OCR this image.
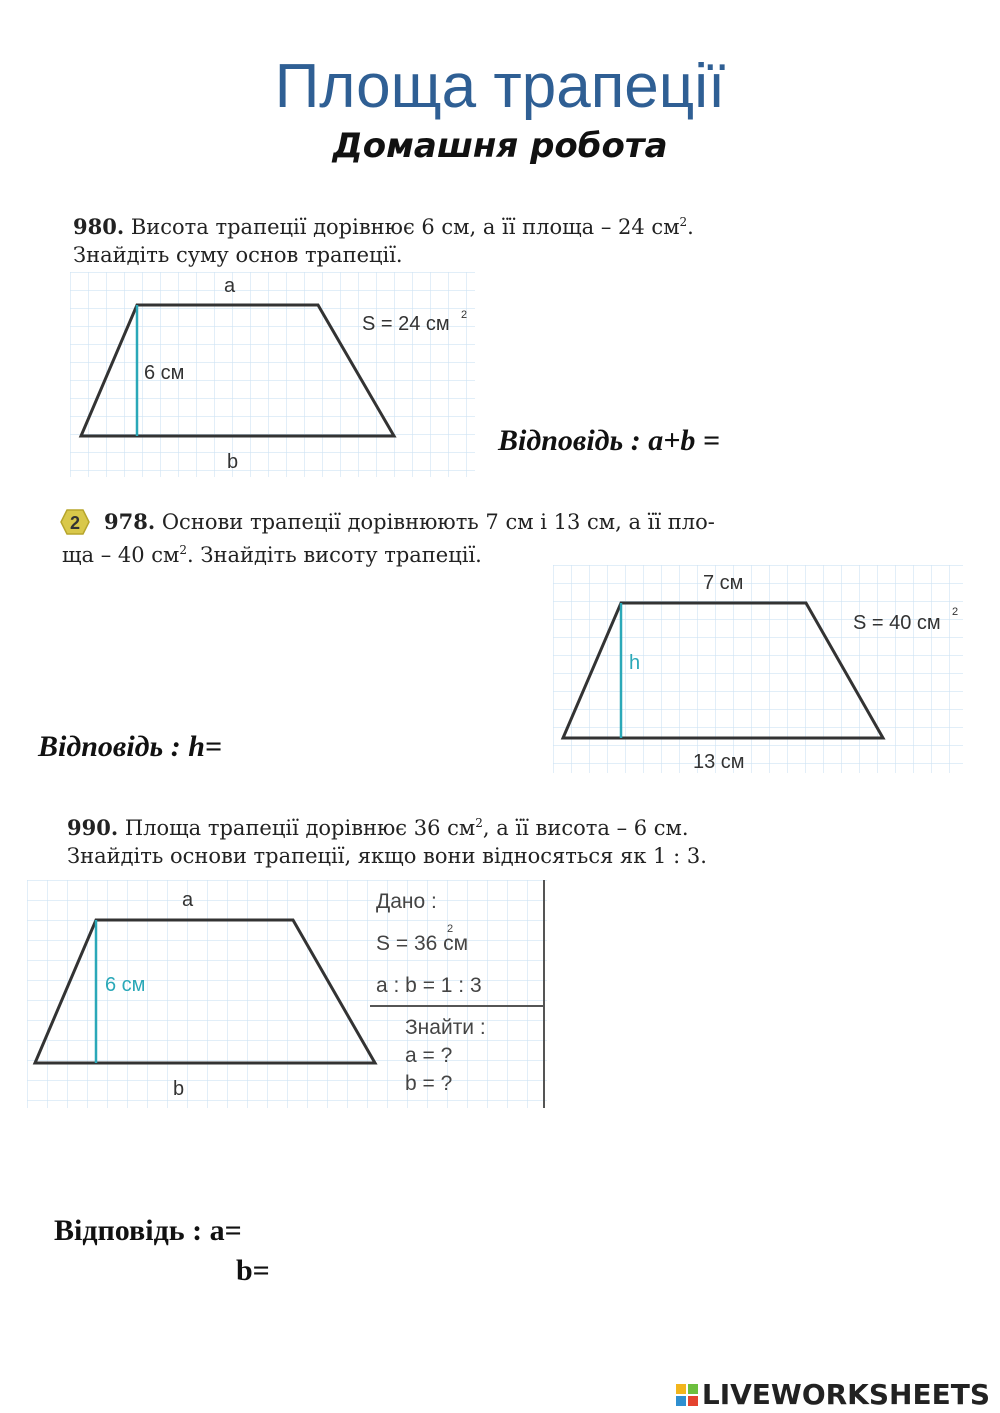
Площа трапеції
Домашня робота
980. Висота трапеції дорівнює 6 см, а її площа – 24 $см^2$.
Знайдіть суму основ трапеції.
a
b
6 см
S = 24 см 2
Відповідь : a+b =
2 978. Основи трапеції дорівнюють 7 см і 13 см, а її пло-
ща – 40 $см^2$. Знайдіть висоту трапеції.
7 см
13 см
h
S = 40 см 2
Відповідь : h=
990. Площа трапеції дорівнює 36 $см^2$, а її висота – 6 см.
Знайдіть основи трапеції, якщо вони відносяться як 1 : 3.
a
b
6 см
Дано :
S = 36 см
2
a : b = 1 : 3
Знайти :
a = ?
b = ?
Відповідь : a=
b=
LIVEWORKSHEETS
